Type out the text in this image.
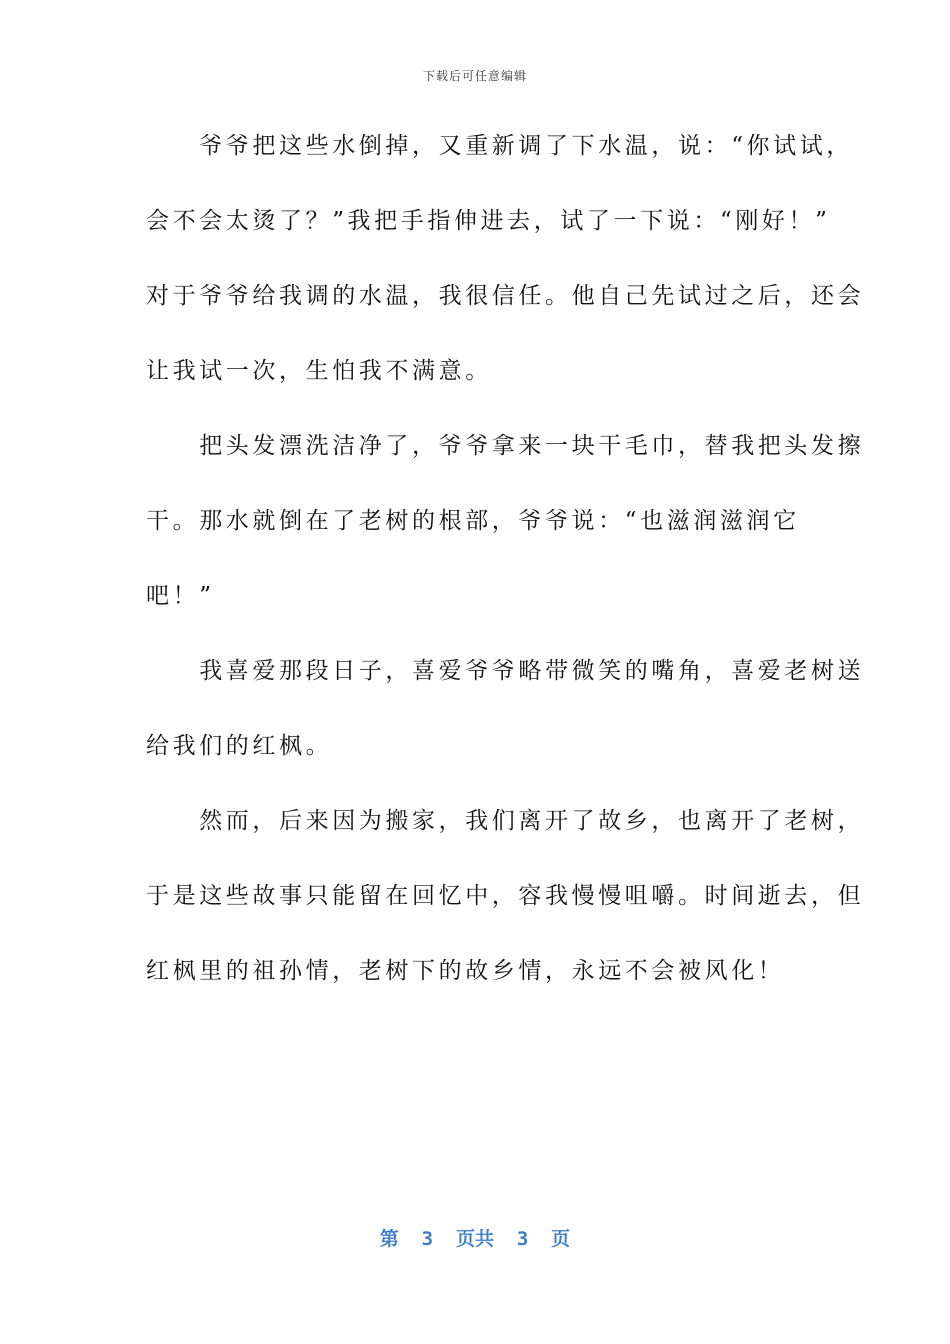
下载后可任意编辑
　　爷爷把这些水倒掉，又重新调了下水温，说：“你试试，
会不会太烫了？”我把手指伸进去，试了一下说：“刚好！”
对于爷爷给我调的水温，我很信任。他自己先试过之后，还会
让我试一次，生怕我不满意。
　　把头发漂洗洁净了，爷爷拿来一块干毛巾，替我把头发擦
干。那水就倒在了老树的根部，爷爷说：“也滋润滋润它
吧！”
　　我喜爱那段日子，喜爱爷爷略带微笑的嘴角，喜爱老树送
给我们的红枫。
　　然而，后来因为搬家，我们离开了故乡，也离开了老树，
于是这些故事只能留在回忆中，容我慢慢咀嚼。时间逝去，但
红枫里的祖孙情，老树下的故乡情，永远不会被风化！
第  3  页共  3  页
